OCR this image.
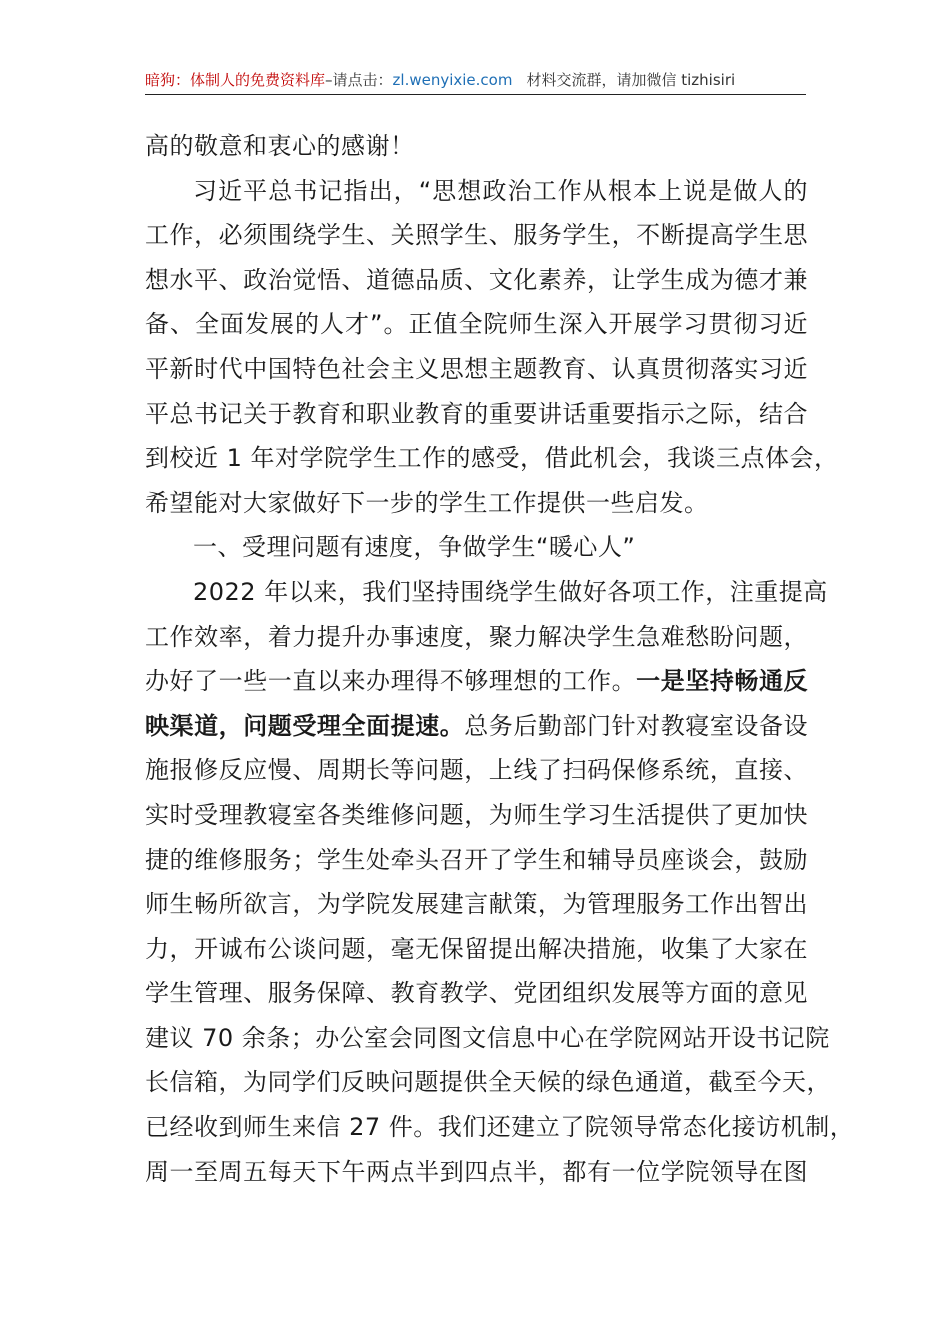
暗狗：体制人的免费资料库–请点击：zl.wenyixie.com 材料交流群，请加微信 tizhisiri
高的敬意和衷心的感谢！
习近平总书记指出，“思想政治工作从根本上说是做人的
工作，必须围绕学生、关照学生、服务学生，不断提高学生思
想水平、政治觉悟、道德品质、文化素养，让学生成为德才兼
备、全面发展的人才”。正值全院师生深入开展学习贯彻习近
平新时代中国特色社会主义思想主题教育、认真贯彻落实习近
平总书记关于教育和职业教育的重要讲话重要指示之际，结合
到校近 1 年对学院学生工作的感受，借此机会，我谈三点体会，
希望能对大家做好下一步的学生工作提供一些启发。
一、受理问题有速度，争做学生“暖心人”
2022 年以来，我们坚持围绕学生做好各项工作，注重提高
工作效率，着力提升办事速度，聚力解决学生急难愁盼问题，
办好了一些一直以来办理得不够理想的工作。一是坚持畅通反
映渠道，问题受理全面提速。总务后勤部门针对教寝室设备设
施报修反应慢、周期长等问题，上线了扫码保修系统，直接、
实时受理教寝室各类维修问题，为师生学习生活提供了更加快
捷的维修服务；学生处牵头召开了学生和辅导员座谈会，鼓励
师生畅所欲言，为学院发展建言献策，为管理服务工作出智出
力，开诚布公谈问题，毫无保留提出解决措施，收集了大家在
学生管理、服务保障、教育教学、党团组织发展等方面的意见
建议 70 余条；办公室会同图文信息中心在学院网站开设书记院
长信箱，为同学们反映问题提供全天候的绿色通道，截至今天，
已经收到师生来信 27 件。我们还建立了院领导常态化接访机制，
周一至周五每天下午两点半到四点半，都有一位学院领导在图
